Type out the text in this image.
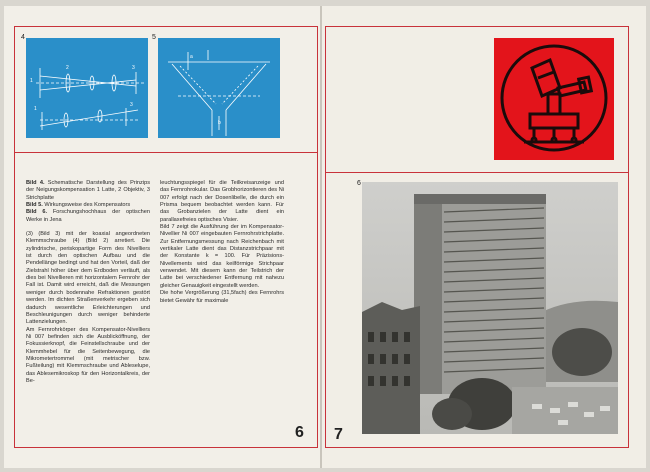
4
1
2	3
1
3
5
a
b

Bild 4. Schematische Darstellung des Prinzips der Neigungskompensation 1 Latte, 2 Objektiv, 3 Strichplatte

Bild 5. Wirkungsweise des Kompensators

Bild 6. Forschungshochhaus der optischen Werke in Jena

(3) (Bild 3) mit der koaxial angeordneten Klemmschraube (4) (Bild 2) arretiert. Die zylindrische, periskopartige Form des Nivelliers ist durch den optischen Aufbau und die Pendellänge bedingt und hat den Vorteil, daß der Zielstrahl höher über dem Erdboden verläuft, als dies bei Nivellieren mit horizontalem Fernrohr der Fall ist. Damit wird erreicht, daß die Messungen weniger durch bodennahe Refraktionen gestört werden. Im dichten Straßenverkehr ergeben sich dadurch wesentliche Erleichterungen und Beschleunigungen durch weniger behinderte Lattenzielungen.

Am Fernrohrkörper des Kompensator-Nivelliers Ni 007 befinden sich die Ausblicköffnung, der Fokussierknopf, die Feinstellschraube und der Klemmhebel für die Seitenbewegung, die Mikrometertrommel (mit metrischer bzw. Fußteilung) mit Klemmschraube und Ableselupe, das Ablesemikroskop für den Horizontalkreis, der Be-

leuchtungsspiegel für die Teilkreisanzeige und das Fernrohrokular. Das Grobhorizontieren des Ni 007 erfolgt nach der Dosenlibelle, die durch ein Prisma bequem beobachtet werden kann. Für das Grobanzielen der Latte dient ein parallaxefreies optisches Visier.

Bild 7 zeigt die Ausführung der im Kompensator-Nivellier Ni 007 eingebauten Fernrohrstrichplatte. Zur Entfernungsmessung nach Reichenbach mit vertikaler Latte dient das Distanzstrichpaar mit der Konstante k = 100. Für Präzisions-Nivellements wird das keilförmige Strichpaar verwendet. Mit diesem kann der Teilstrich der Latte bei verschiedener Entfernung mit nahezu gleicher Genauigkeit eingestellt werden.

Die hohe Vergrößerung (31,5fach) des Fernrohrs bietet Gewähr für maximale

6
6
7
